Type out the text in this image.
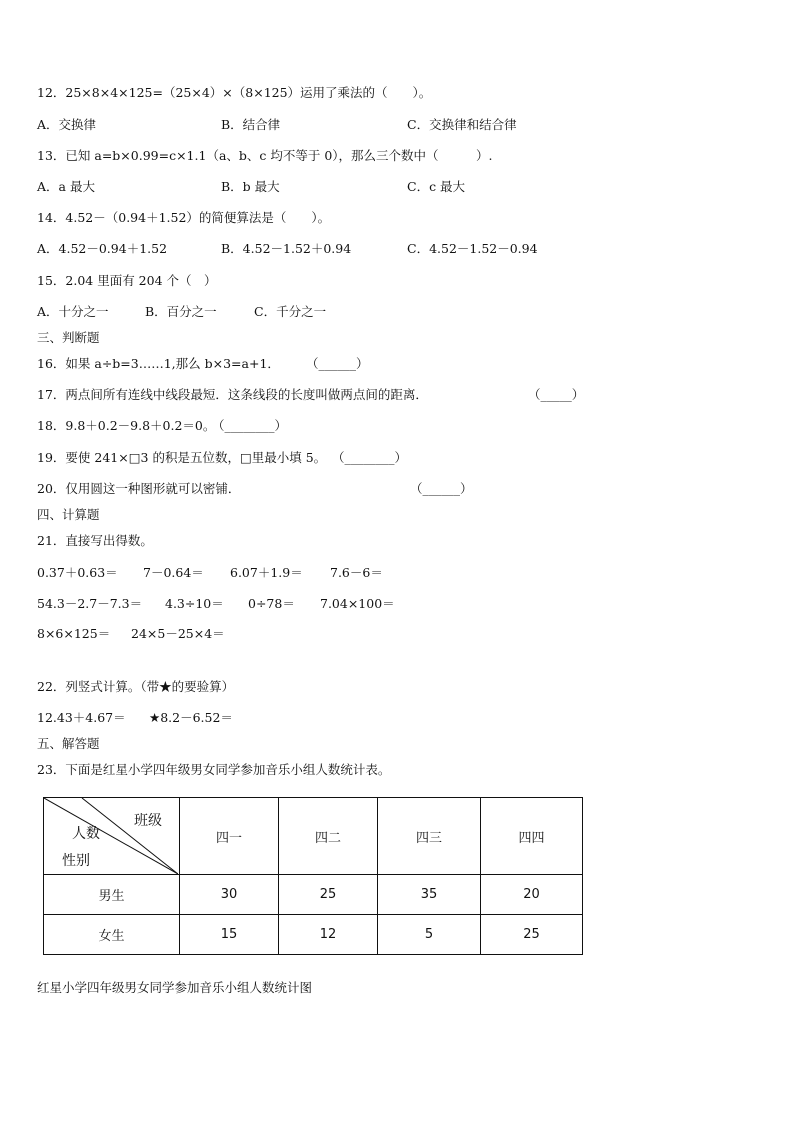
12．25×8×4×125=（25×4）×（8×125）运用了乘法的（　　）。
A．交换律	B．结合律	C．交换律和结合律
13．已知 a=b×0.99=c×1.1（a、b、c 均不等于 0），那么三个数中（　　　）.
A．a 最大	B．b 最大	C．c 最大
14．4.52－（0.94＋1.52）的简便算法是（　　）。
A．4.52－0.94＋1.52	B．4.52－1.52＋0.94	C．4.52－1.52－0.94
15．2.04 里面有 204 个（　）
A．十分之一	B．百分之一	C．千分之一
三、判断题
16．如果 a÷b=3……1,那么 b×3=a+1． （______）
17．两点间所有连线中线段最短．这条线段的长度叫做两点间的距离．	（_____）
18．9.8＋0.2－9.8＋0.2＝0。
（________）
19．要使 241×□3 的积是五位数，□里最小填 5。 （________）
20．仅用圆这一种图形就可以密铺．	（______）
四、计算题
21．直接写出得数。
0.37＋0.63＝ 7－0.64＝ 6.07＋1.9＝ 7.6－6＝
54.3－2.7－7.3＝ 4.3÷10＝ 0÷78＝ 7.04×100＝
8×6×125＝ 24×5－25×4＝
22．列竖式计算。（带★的要验算）
12.43＋4.67＝ ★8.2－6.52＝
五、解答题
23．下面是红星小学四年级男女同学参加音乐小组人数统计表。
班级
人数
性别	四一	四二	四三	四四
男生	30	25	35	20
女生	15	12	5	25
红星小学四年级男女同学参加音乐小组人数统计图
